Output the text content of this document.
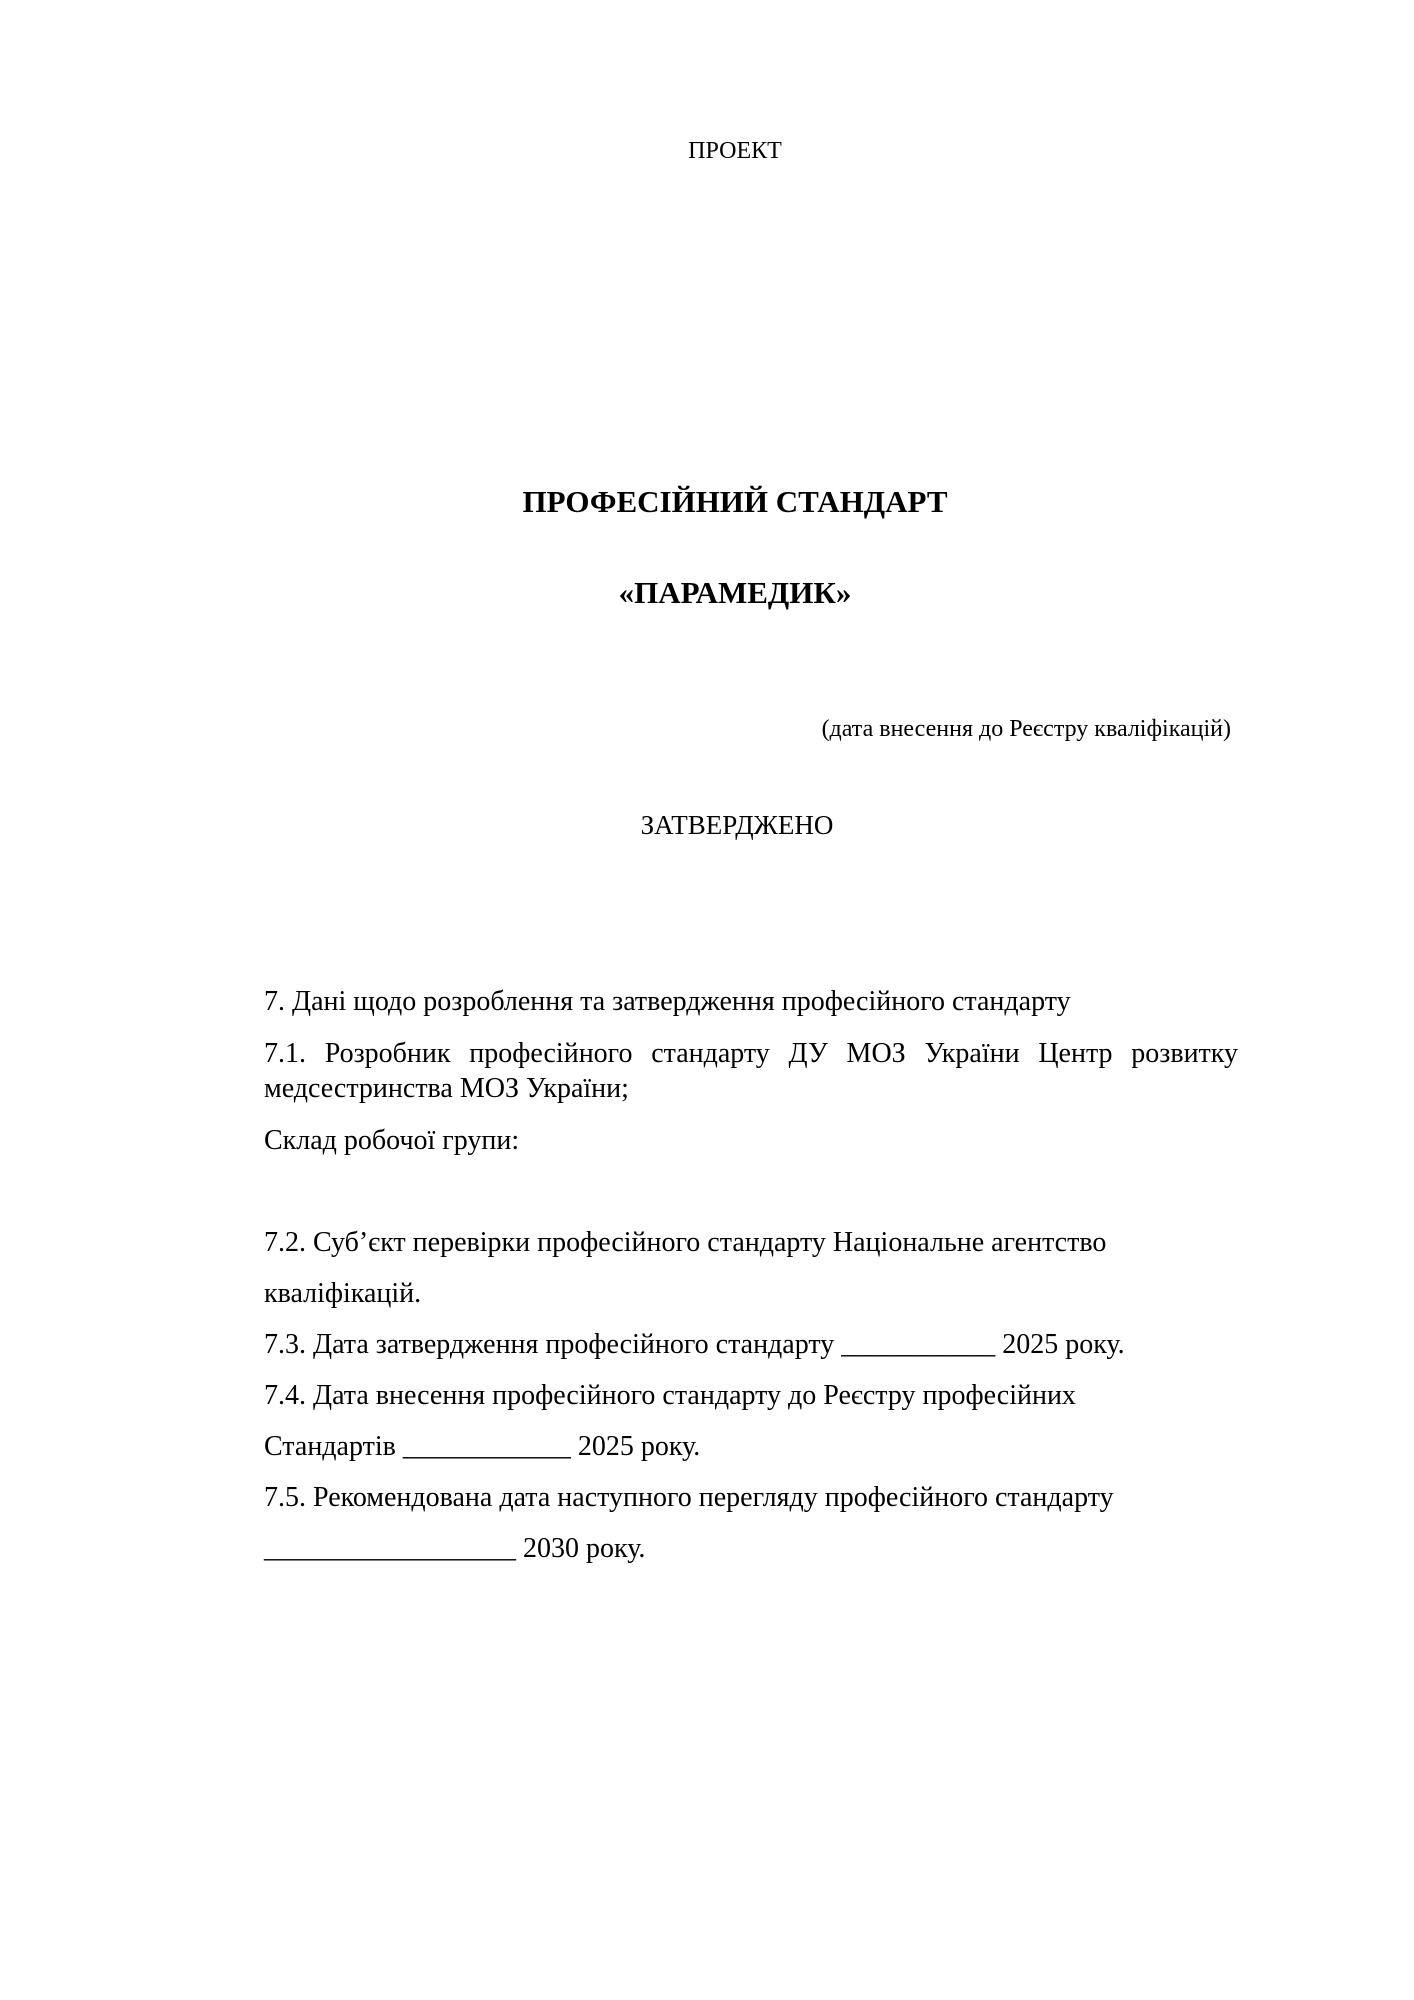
ПРОЕКТ
ПРОФЕСІЙНИЙ СТАНДАРТ
«ПАРАМЕДИК»
(дата внесення до Реєстру кваліфікацій)
ЗАТВЕРДЖЕНО
7. Дані щодо розроблення та затвердження професійного стандарту
7.1. Розробник професійного стандарту ДУ МОЗ України Центр розвитку
медсестринства МОЗ України;
Склад робочої групи:
7.2. Суб’єкт перевірки професійного стандарту Національне агентство
кваліфікацій.
7.3. Дата затвердження професійного стандарту ___________ 2025 року.
7.4. Дата внесення професійного стандарту до Реєстру професійних
Стандартів ____________ 2025 року.
7.5. Рекомендована дата наступного перегляду професійного стандарту
__________________ 2030 року.
